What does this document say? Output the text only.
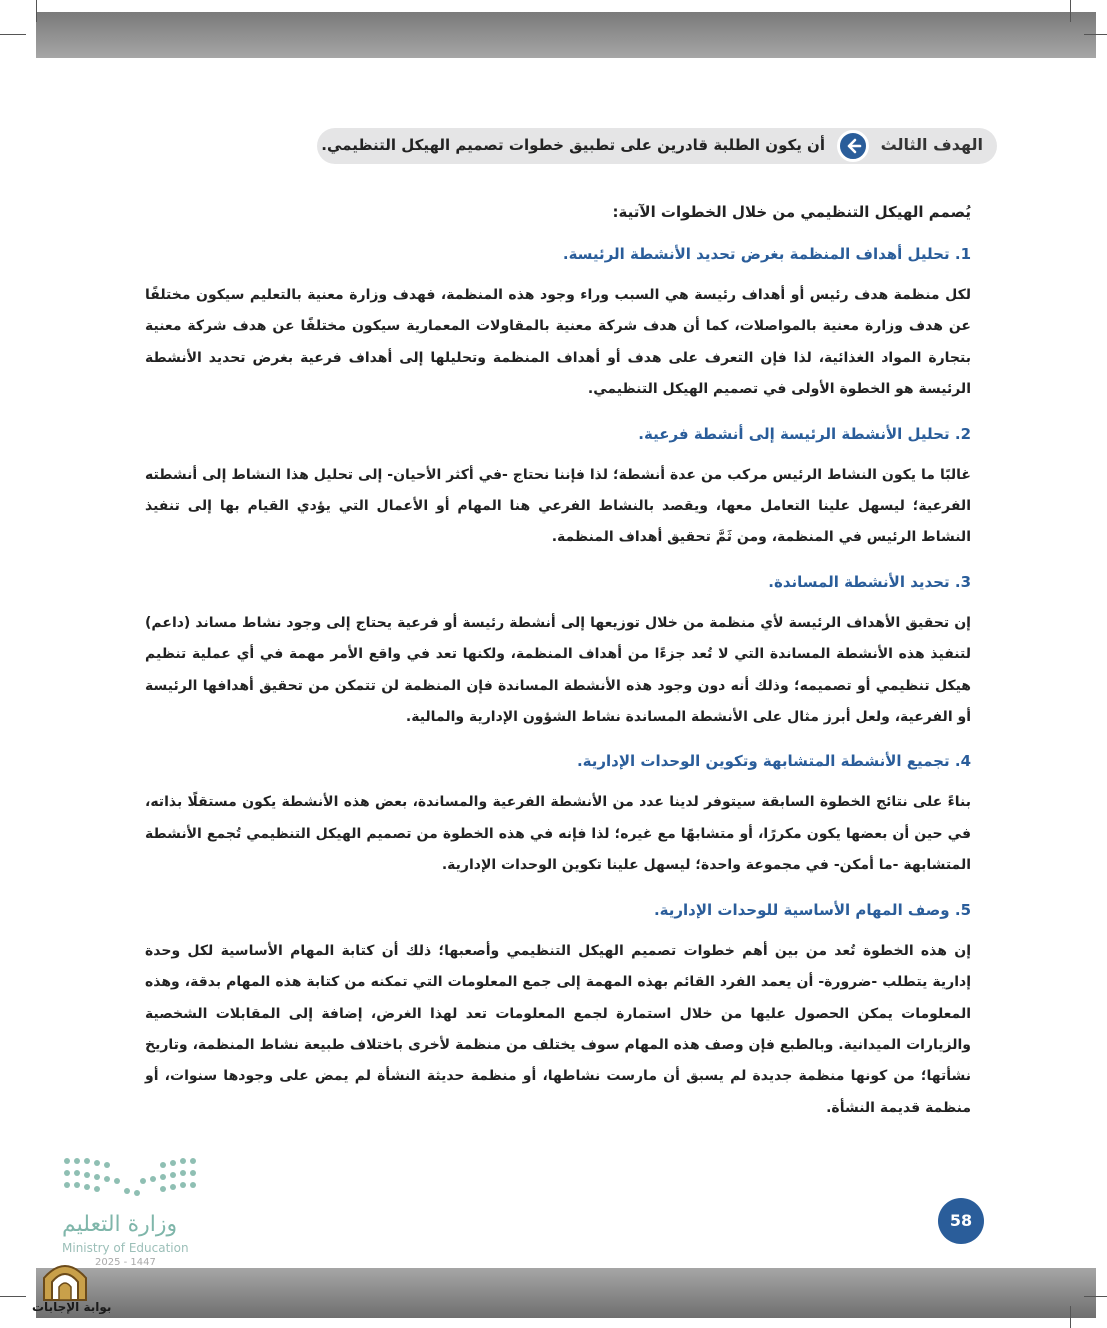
الهدف الثالث
أن يكون الطلبة قادرين على تطبيق خطوات تصميم الهيكل التنظيمي.
يُصمم الهيكل التنظيمي من خلال الخطوات الآتية:
1. تحليل أهداف المنظمة بغرض تحديد الأنشطة الرئيسة.

لكل منظمة هدف رئيس أو أهداف رئيسة هي السبب وراء وجود هذه المنظمة، فهدف وزارة معنية بالتعليم سيكون مختلفًا عن هدف وزارة معنية بالمواصلات، كما أن هدف شركة معنية بالمقاولات المعمارية سيكون مختلفًا عن هدف شركة معنية بتجارة المواد الغذائية، لذا فإن التعرف على هدف أو أهداف المنظمة وتحليلها إلى أهداف فرعية بغرض تحديد الأنشطة الرئيسة هو الخطوة الأولى في تصميم الهيكل التنظيمي.

2. تحليل الأنشطة الرئيسة إلى أنشطة فرعية.

غالبًا ما يكون النشاط الرئيس مركب من عدة أنشطة؛ لذا فإننا نحتاج -في أكثر الأحيان- إلى تحليل هذا النشاط إلى أنشطته الفرعية؛ ليسهل علينا التعامل معها، ويقصد بالنشاط الفرعي هنا المهام أو الأعمال التي يؤدي القيام بها إلى تنفيذ النشاط الرئيس في المنظمة، ومن ثَمَّ تحقيق أهداف المنظمة.

3. تحديد الأنشطة المساندة.

إن تحقيق الأهداف الرئيسة لأي منظمة من خلال توزيعها إلى أنشطة رئيسة أو فرعية يحتاج إلى وجود نشاط مساند (داعم) لتنفيذ هذه الأنشطة المساندة التي لا تُعد جزءًا من أهداف المنظمة، ولكنها تعد في واقع الأمر مهمة في أي عملية تنظيم هيكل تنظيمي أو تصميمه؛ وذلك أنه دون وجود هذه الأنشطة المساندة فإن المنظمة لن تتمكن من تحقيق أهدافها الرئيسة أو الفرعية، ولعل أبرز مثال على الأنشطة المساندة نشاط الشؤون الإدارية والمالية.

4. تجميع الأنشطة المتشابهة وتكوين الوحدات الإدارية.

بناءً على نتائج الخطوة السابقة سيتوفر لدينا عدد من الأنشطة الفرعية والمساندة، بعض هذه الأنشطة يكون مستقلًا بذاته، في حين أن بعضها يكون مكررًا، أو متشابهًا مع غيره؛ لذا فإنه في هذه الخطوة من تصميم الهيكل التنظيمي تُجمع الأنشطة المتشابهة -ما أمكن- في مجموعة واحدة؛ ليسهل علينا تكوين الوحدات الإدارية.

5. وصف المهام الأساسية للوحدات الإدارية.

إن هذه الخطوة تُعد من بين أهم خطوات تصميم الهيكل التنظيمي وأصعبها؛ ذلك أن كتابة المهام الأساسية لكل وحدة إدارية يتطلب -ضرورة- أن يعمد الفرد القائم بهذه المهمة إلى جمع المعلومات التي تمكنه من كتابة هذه المهام بدقة، وهذه المعلومات يمكن الحصول عليها من خلال استمارة لجمع المعلومات تعد لهذا الغرض، إضافة إلى المقابلات الشخصية والزيارات الميدانية. وبالطبع فإن وصف هذه المهام سوف يختلف من منظمة لأخرى باختلاف طبيعة نشاط المنظمة، وتاريخ نشأتها؛ من كونها منظمة جديدة لم يسبق أن مارست نشاطها، أو منظمة حديثة النشأة لم يمض على وجودها سنوات، أو منظمة قديمة النشأة.

وزارة التعليم
Ministry of Education
2025 - 1447
58
بوابة الإجابات
